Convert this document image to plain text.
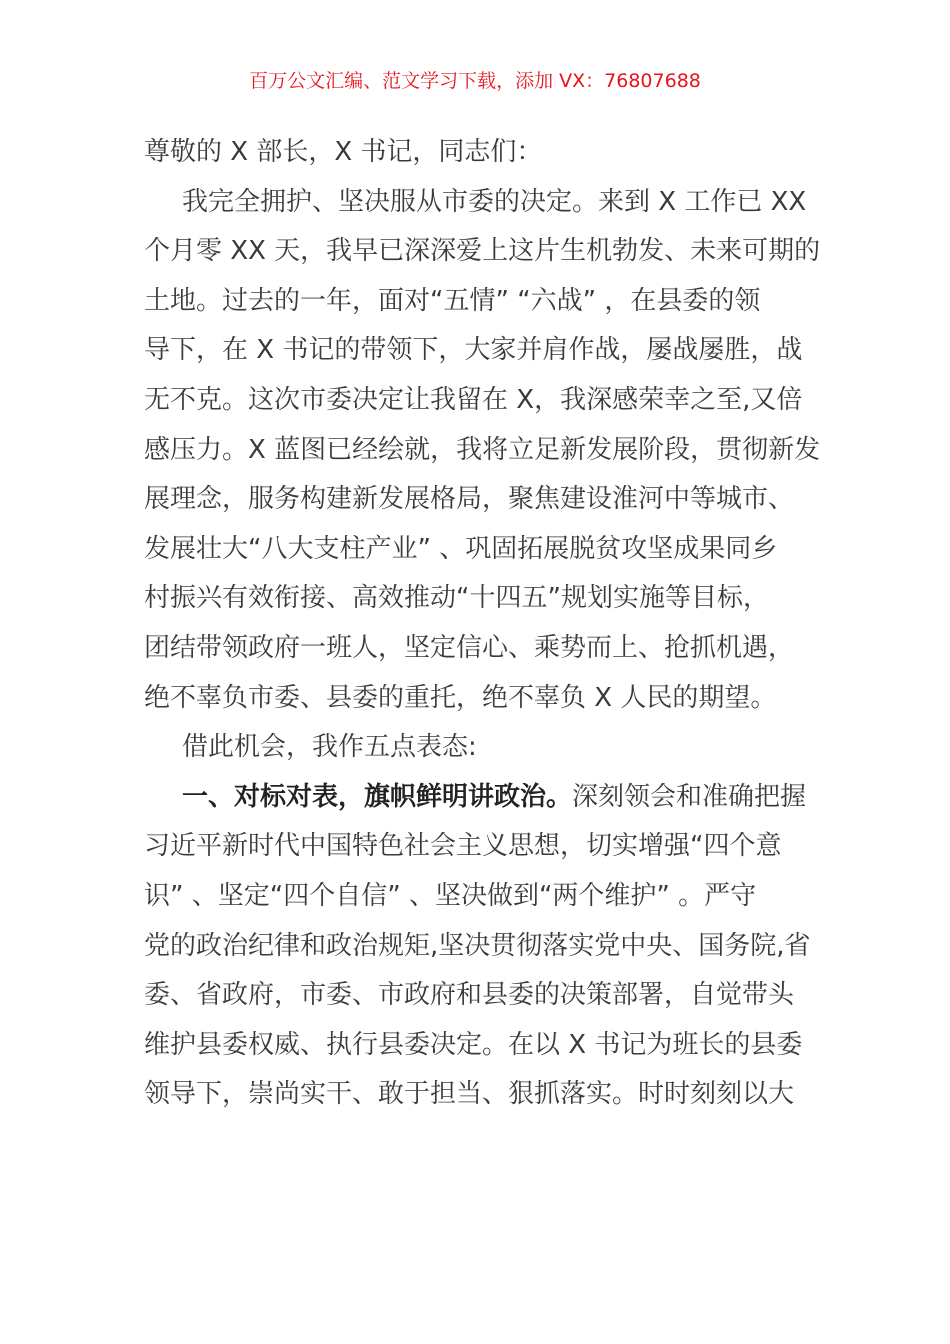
百万公文汇编、范文学习下载，添加 VX：76807688

尊敬的 X 部长，X 书记，同志们：

我完全拥护、坚决服从市委的决定。来到 X 工作已 XX
个月零 XX 天，我早已深深爱上这片生机勃发、未来可期的
土地。过去的一年，面对“五情” “六战” ，在县委的领
导下，在 X 书记的带领下，大家并肩作战，屡战屡胜，战
无不克。这次市委决定让我留在 X，我深感荣幸之至,又倍
感压力。X 蓝图已经绘就，我将立足新发展阶段，贯彻新发
展理念，服务构建新发展格局，聚焦建设淮河中等城市、
发展壮大“八大支柱产业” 、巩固拓展脱贫攻坚成果同乡
村振兴有效衔接、高效推动“十四五”规划实施等目标，
团结带领政府一班人，坚定信心、乘势而上、抢抓机遇，
绝不辜负市委、县委的重托，绝不辜负 X 人民的期望。

借此机会，我作五点表态:

一、对标对表，旗帜鲜明讲政治。深刻领会和准确把握
习近平新时代中国特色社会主义思想，切实增强“四个意
识” 、坚定“四个自信” 、坚决做到“两个维护” 。严守
党的政治纪律和政治规矩,坚决贯彻落实党中央、国务院,省
委、省政府，市委、市政府和县委的决策部署，自觉带头
维护县委权威、执行县委决定。在以 X 书记为班长的县委
领导下，崇尚实干、敢于担当、狠抓落实。时时刻刻以大
